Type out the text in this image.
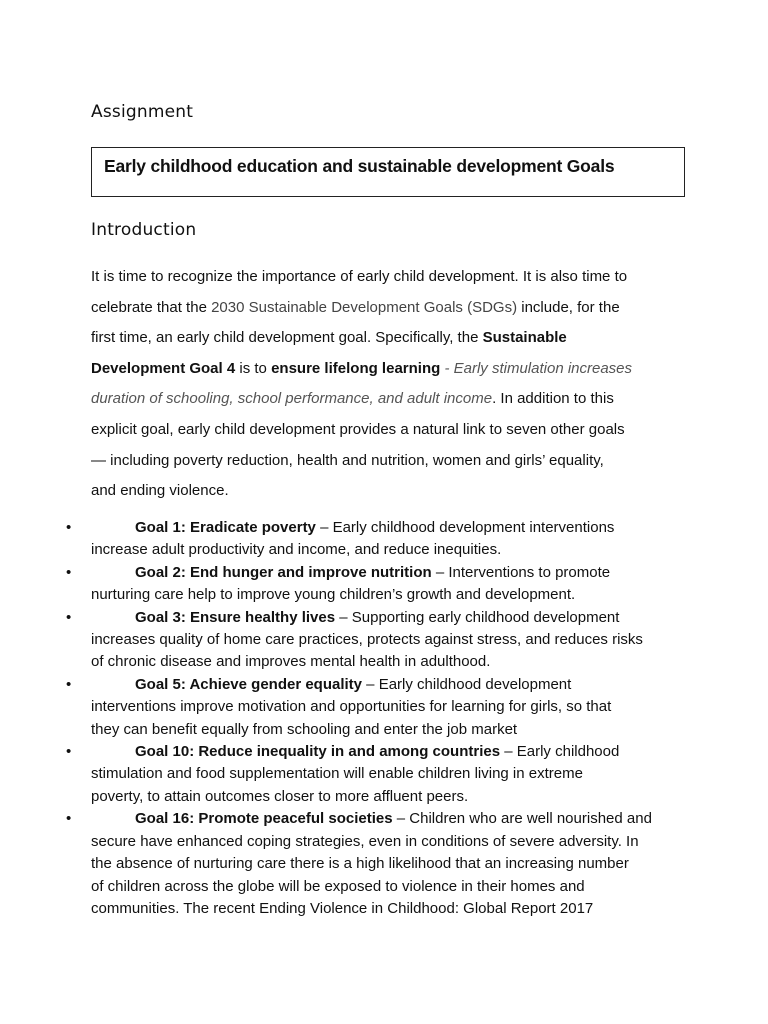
Assignment
Early childhood education and sustainable development Goals
Introduction
It is time to recognize the importance of early child development. It is also time to
celebrate that the 2030 Sustainable Development Goals (SDGs) include, for the
first time, an early child development goal. Specifically, the Sustainable
Development Goal 4 is to ensure lifelong learning - Early stimulation increases
duration of schooling, school performance, and adult income. In addition to this
explicit goal, early child development provides a natural link to seven other goals
— including poverty reduction, health and nutrition, women and girls’ equality,
and ending violence.
•	Goal 1: Eradicate poverty – Early childhood development interventions
increase adult productivity and income, and reduce inequities.
•	Goal 2: End hunger and improve nutrition – Interventions to promote
nurturing care help to improve young children’s growth and development.
•	Goal 3: Ensure healthy lives – Supporting early childhood development
increases quality of home care practices, protects against stress, and reduces risks
of chronic disease and improves mental health in adulthood.
•	Goal 5: Achieve gender equality – Early childhood development
interventions improve motivation and opportunities for learning for girls, so that
they can benefit equally from schooling and enter the job market
•	Goal 10: Reduce inequality in and among countries – Early childhood
stimulation and food supplementation will enable children living in extreme
poverty, to attain outcomes closer to more affluent peers.
•	Goal 16: Promote peaceful societies – Children who are well nourished and
secure have enhanced coping strategies, even in conditions of severe adversity. In
the absence of nurturing care there is a high likelihood that an increasing number
of children across the globe will be exposed to violence in their homes and
communities. The recent Ending Violence in Childhood: Global Report 2017
